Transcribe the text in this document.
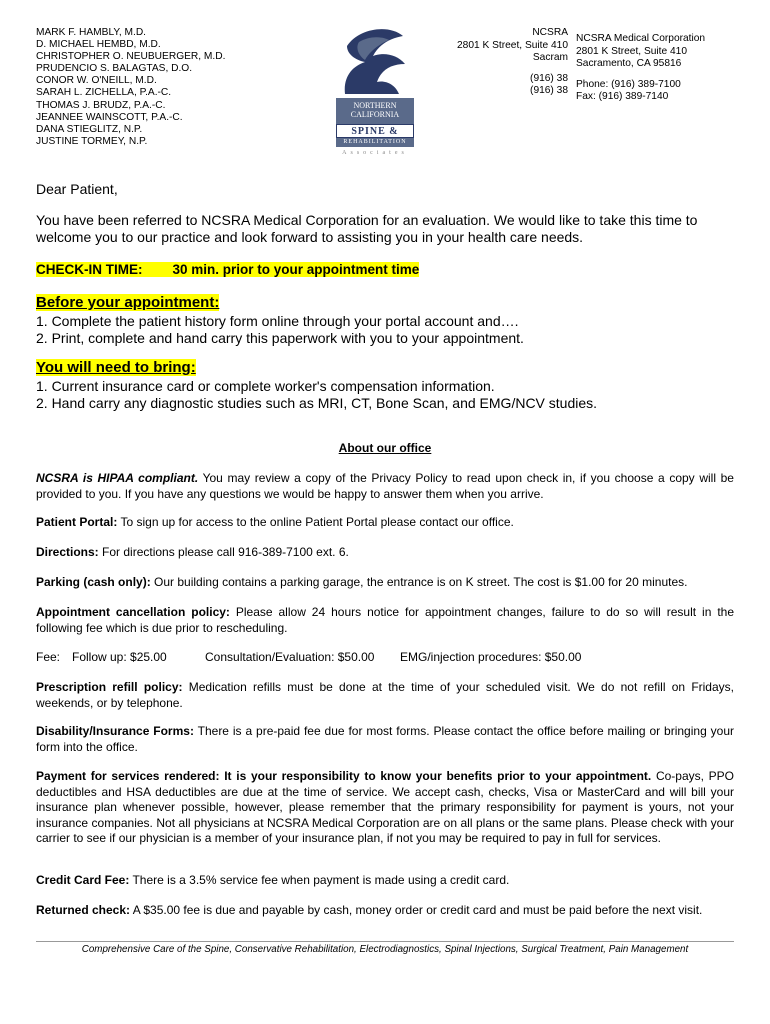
MARK F. HAMBLY, M.D.
D. MICHAEL HEMBD, M.D.
CHRISTOPHER O. NEUBUERGER, M.D.
PRUDENCIO S. BALAGTAS, D.O.
CONOR W. O'NEILL, M.D.
SARAH L. ZICHELLA, P.A.-C.
THOMAS J. BRUDZ, P.A.-C.
JEANNEE WAINSCOTT, P.A.-C.
DANA STIEGLITZ, N.P.
JUSTINE TORMEY, N.P.
NORTHERN
CALIFORNIA
SPINE &
REHABILITATION
Associates
NCSRA
2801 K Street, Suite 410
Sacram
(916) 38
(916) 38
NCSRA Medical Corporation
2801 K Street, Suite 410
Sacramento, CA 95816
Phone: (916) 389-7100
Fax: (916) 389-7140
Dear Patient,
You have been referred to NCSRA Medical Corporation for an evaluation. We would like to take this time to welcome you to our practice and look forward to assisting you in your health care needs.
CHECK-IN TIME: 30 min. prior to your appointment time
Before your appointment:
1. Complete the patient history form online through your portal account and….
2. Print, complete and hand carry this paperwork with you to your appointment.
You will need to bring:
1. Current insurance card or complete worker's compensation information.
2. Hand carry any diagnostic studies such as MRI, CT, Bone Scan, and EMG/NCV studies.
About our office
NCSRA is HIPAA compliant. You may review a copy of the Privacy Policy to read upon check in, if you choose a copy will be provided to you. If you have any questions we would be happy to answer them when you arrive.
Patient Portal: To sign up for access to the online Patient Portal please contact our office.
Directions: For directions please call 916-389-7100 ext. 6.
Parking (cash only): Our building contains a parking garage, the entrance is on K street. The cost is $1.00 for 20 minutes.
Appointment cancellation policy: Please allow 24 hours notice for appointment changes, failure to do so will result in the following fee which is due prior to rescheduling.
Fee: Follow up: $25.00	Consultation/Evaluation: $50.00 EMG/injection procedures: $50.00
Prescription refill policy: Medication refills must be done at the time of your scheduled visit. We do not refill on Fridays, weekends, or by telephone.
Disability/Insurance Forms: There is a pre-paid fee due for most forms. Please contact the office before mailing or bringing your form into the office.
Payment for services rendered: It is your responsibility to know your benefits prior to your appointment. Co-pays, PPO deductibles and HSA deductibles are due at the time of service. We accept cash, checks, Visa or MasterCard and will bill your insurance plan whenever possible, however, please remember that the primary responsibility for payment is yours, not your insurance companies. Not all physicians at NCSRA Medical Corporation are on all plans or the same plans. Please check with your carrier to see if our physician is a member of your insurance plan, if not you may be required to pay in full for services.
Credit Card Fee: There is a 3.5% service fee when payment is made using a credit card.
Returned check: A $35.00 fee is due and payable by cash, money order or credit card and must be paid before the next visit.
Comprehensive Care of the Spine, Conservative Rehabilitation, Electrodiagnostics, Spinal Injections, Surgical Treatment, Pain Management
